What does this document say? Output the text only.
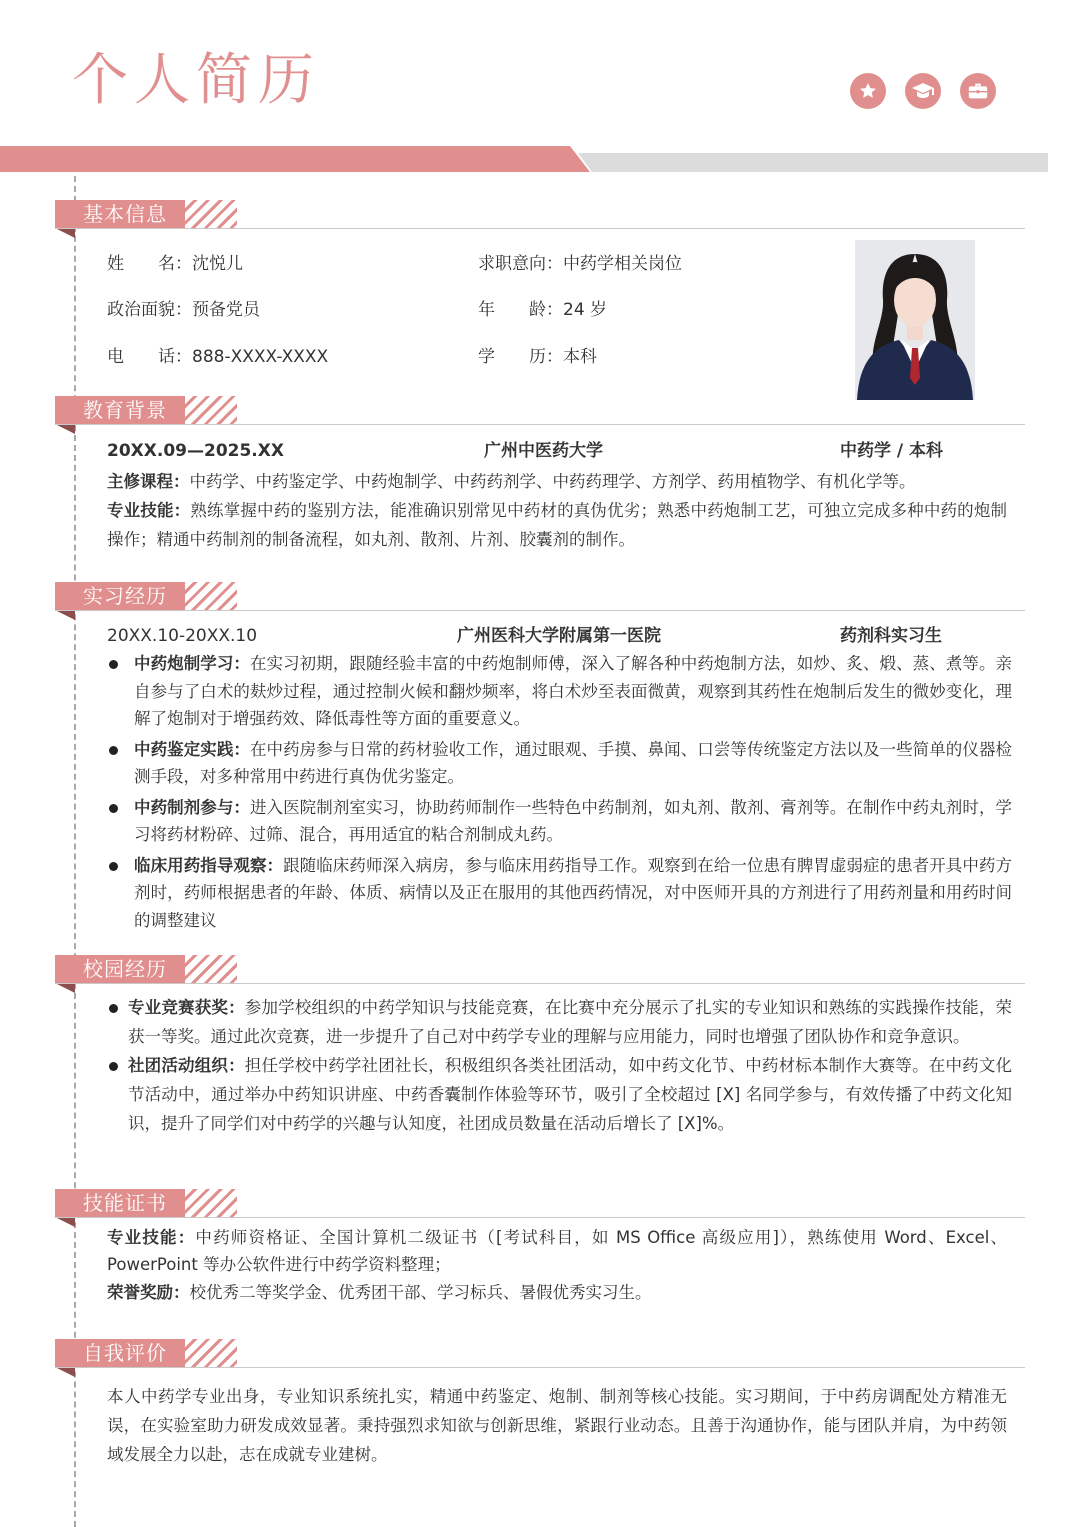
个人简历
基本信息
姓　　名：沈悦儿	求职意向：中药学相关岗位
政治面貌：预备党员	年　　龄：24 岁
电　　话：888-XXXX-XXXX	学　　历：本科
教育背景
20XX.09—2025.XX	广州中医药大学	中药学 / 本科

主修课程：中药学、中药鉴定学、中药炮制学、中药药剂学、中药药理学、方剂学、药用植物学、有机化学等。

专业技能：熟练掌握中药的鉴别方法，能准确识别常见中药材的真伪优劣；熟悉中药炮制工艺，可独立完成多种中药的炮制操作；精通中药制剂的制备流程，如丸剂、散剂、片剂、胶囊剂的制作。

实习经历
20XX.10-20XX.10	广州医科大学附属第一医院	药剂科实习生
中药炮制学习：在实习初期，跟随经验丰富的中药炮制师傅，深入了解各种中药炮制方法，如炒、炙、煅、蒸、煮等。亲自参与了白术的麸炒过程，通过控制火候和翻炒频率，将白术炒至表面微黄，观察到其药性在炮制后发生的微妙变化，理解了炮制对于增强药效、降低毒性等方面的重要意义。
中药鉴定实践：在中药房参与日常的药材验收工作，通过眼观、手摸、鼻闻、口尝等传统鉴定方法以及一些简单的仪器检测手段，对多种常用中药进行真伪优劣鉴定。
中药制剂参与：进入医院制剂室实习，协助药师制作一些特色中药制剂，如丸剂、散剂、膏剂等。在制作中药丸剂时，学习将药材粉碎、过筛、混合，再用适宜的粘合剂制成丸药。
临床用药指导观察：跟随临床药师深入病房，参与临床用药指导工作。观察到在给一位患有脾胃虚弱症的患者开具中药方剂时，药师根据患者的年龄、体质、病情以及正在服用的其他西药情况，对中医师开具的方剂进行了用药剂量和用药时间的调整建议
校园经历
专业竞赛获奖：参加学校组织的中药学知识与技能竞赛，在比赛中充分展示了扎实的专业知识和熟练的实践操作技能，荣获一等奖。通过此次竞赛，进一步提升了自己对中药学专业的理解与应用能力，同时也增强了团队协作和竞争意识。
社团活动组织：担任学校中药学社团社长，积极组织各类社团活动，如中药文化节、中药材标本制作大赛等。在中药文化节活动中，通过举办中药知识讲座、中药香囊制作体验等环节，吸引了全校超过 [X] 名同学参与，有效传播了中药文化知识，提升了同学们对中药学的兴趣与认知度，社团成员数量在活动后增长了 [X]%。
技能证书

专业技能：中药师资格证、全国计算机二级证书（[考试科目，如 MS Office 高级应用]），熟练使用 Word、Excel、PowerPoint 等办公软件进行中药学资料整理；

荣誉奖励：校优秀二等奖学金、优秀团干部、学习标兵、暑假优秀实习生。

自我评价

本人中药学专业出身，专业知识系统扎实，精通中药鉴定、炮制、制剂等核心技能。实习期间，于中药房调配处方精准无误，在实验室助力研发成效显著。秉持强烈求知欲与创新思维，紧跟行业动态。且善于沟通协作，能与团队并肩，为中药领域发展全力以赴，志在成就专业建树。
